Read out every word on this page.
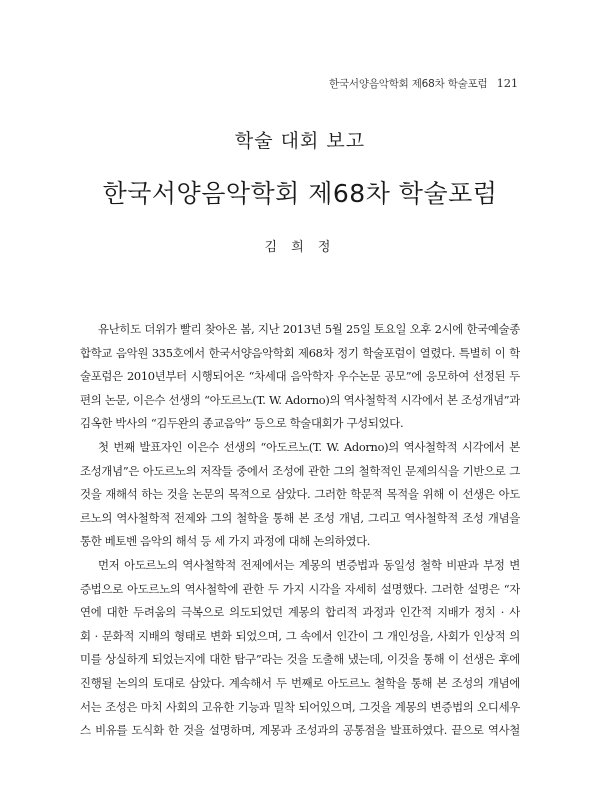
한국서양음악학회 제68차 학술포럼 121
학술 대회 보고
한국서양음악학회 제68차 학술포럼
김 희 정
유난히도 더위가 빨리 찾아온 봄, 지난 2013년 5월 25일 토요일 오후 2시에 한국예술종
합학교 음악원 335호에서 한국서양음악학회 제68차 정기 학술포럼이 열렸다. 특별히 이 학
술포럼은 2010년부터 시행되어온 “차세대 음악학자 우수논문 공모”에 응모하여 선정된 두
편의 논문, 이은수 선생의 “아도르노(T. W. Adorno)의 역사철학적 시각에서 본 조성개념”과
김옥한 박사의 “김두완의 종교음악” 등으로 학술대회가 구성되었다.
첫 번째 발표자인 이은수 선생의 “아도르노(T. W. Adorno)의 역사철학적 시각에서 본
조성개념”은 아도르노의 저작들 중에서 조성에 관한 그의 철학적인 문제의식을 기반으로 그
것을 재해석 하는 것을 논문의 목적으로 삼았다. 그러한 학문적 목적을 위해 이 선생은 아도
르노의 역사철학적 전제와 그의 철학을 통해 본 조성 개념, 그리고 역사철학적 조성 개념을
통한 베토벤 음악의 해석 등 세 가지 과정에 대해 논의하였다.
먼저 아도르노의 역사철학적 전제에서는 계몽의 변증법과 동일성 철학 비판과 부정 변
증법으로 아도르노의 역사철학에 관한 두 가지 시각을 자세히 설명했다. 그러한 설명은 “자
연에 대한 두려움의 극복으로 의도되었던 계몽의 합리적 과정과 인간적 지배가 정치 · 사
회 · 문화적 지배의 형태로 변화 되었으며, 그 속에서 인간이 그 개인성을, 사회가 인상적 의
미를 상실하게 되었는지에 대한 탐구”라는 것을 도출해 냈는데, 이것을 통해 이 선생은 후에
진행될 논의의 토대로 삼았다. 계속해서 두 번째로 아도르노 철학을 통해 본 조성의 개념에
서는 조성은 마치 사회의 고유한 기능과 밀착 되어있으며, 그것을 계몽의 변증법의 오디세우
스 비유를 도식화 한 것을 설명하며, 계몽과 조성과의 공통점을 발표하였다. 끝으로 역사철
